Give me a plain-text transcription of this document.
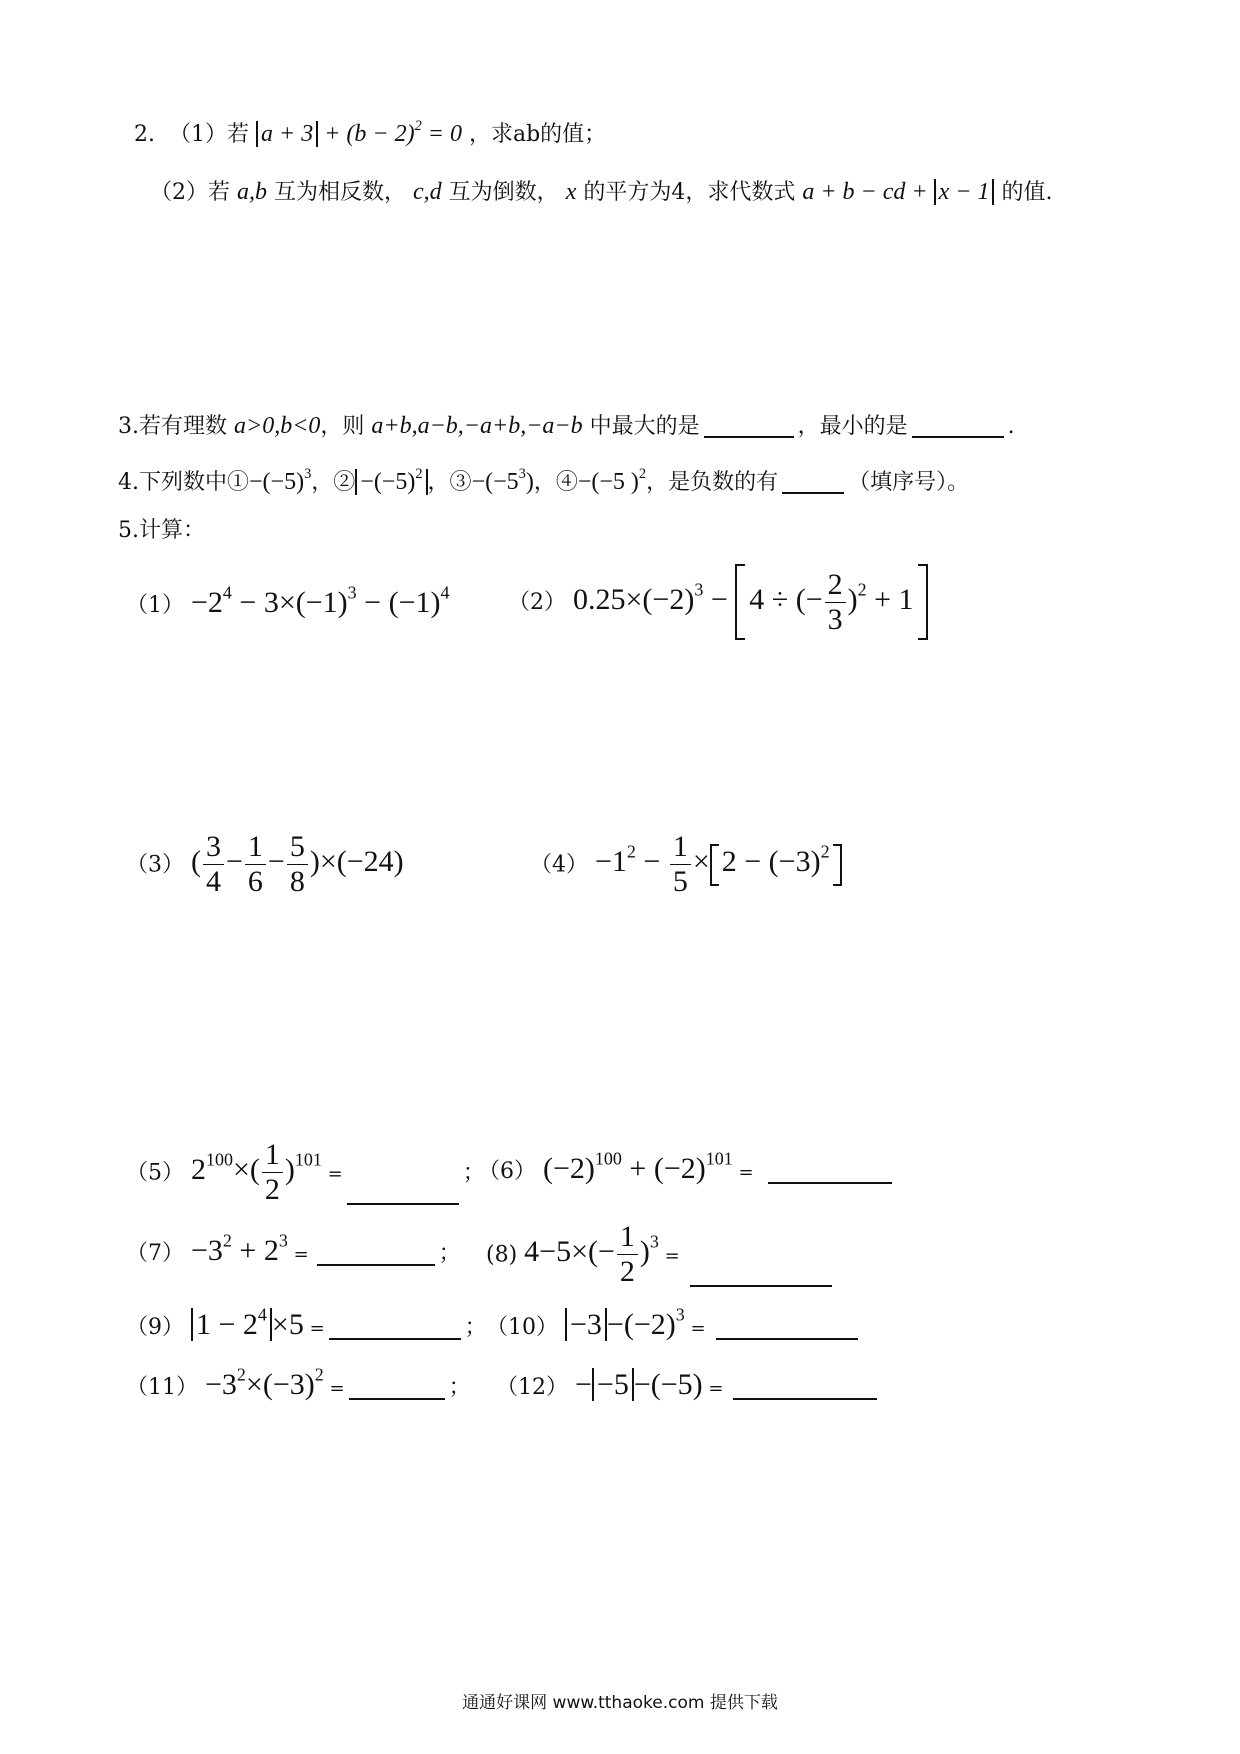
2. （1）若 $a + 3 + (b - 2)^2 = 0$ ，求ab的值；
（2）若 a,b 互为相反数， c,d 互为倒数， x 的平方为4，求代数式 a + b − cd + x − 1 的值.
3.若有理数 a>0,b<0，则 a+b,a−b,−a+b,−a−b 中最大的是	，最小的是	.
4.下列数中$①-(-5)^3$，② $-(-5)^2$ ，$③-(-5^3)$，④−(−5 )$^2$，是负数的有	（填序号）。
5.计算：
$(1) -2^4 - 3\times(-1)^3 - (-1)^4$	（2） $0.25\times(-2)^3 - 4$ ÷ (− $\frac{2}{3} )^2 + 1$
（3） ( $\frac{3}{4} - \frac{1}{6} - \frac{5}{8} )\times(-24)$	$(4) -1^2 - \frac{1}{5} \times 2 - (-3)^2$
（5） $2^{100}\times( \frac{1}{2} )^{101}$ =	；
（6） $(-2)^{100} + (-2)^{101}$ =
$(7) -3^2 + 2^3$ =	； (8) $4-5\times(- \frac{1}{2} )^3$ =
（9） $1 - 2^4 \times 5$ =	； $(10) -3 -(-2)^3$ =
$(11) -3^2\times(-3)^2$ =	； （12） − −5 −(−5) =
通通好课网 www.tthaoke.com 提供下载
